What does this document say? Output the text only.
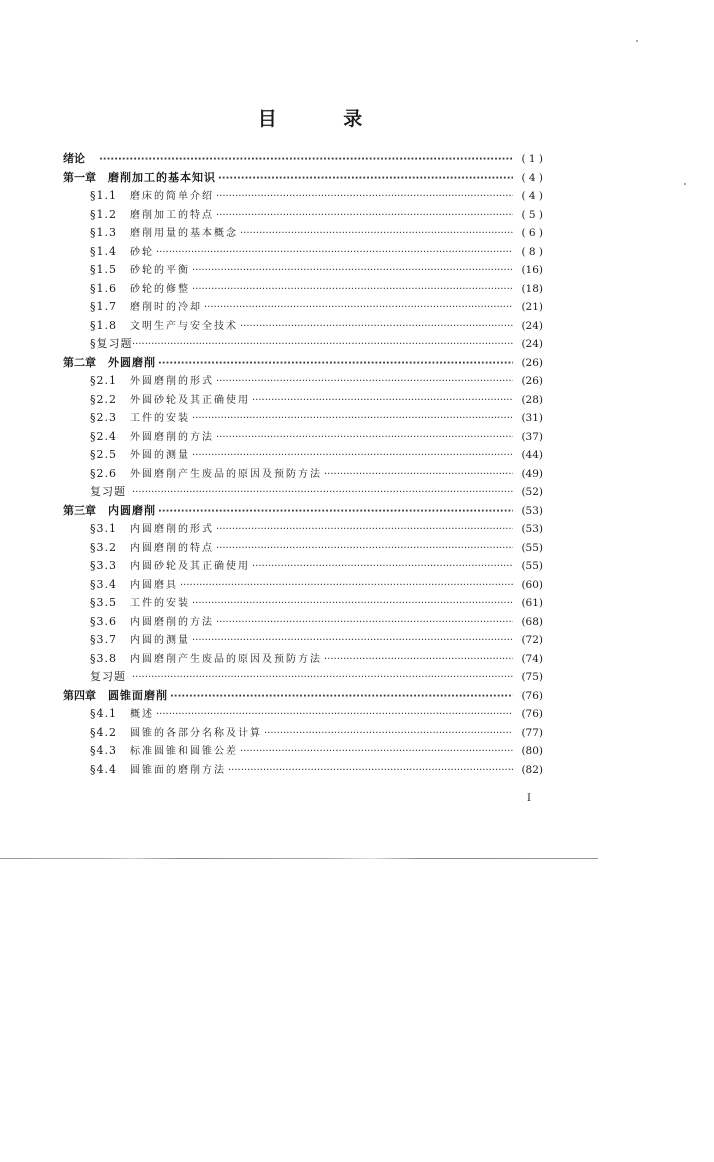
目 录
绪论 ·····	( 1 )
第一章 磨削加工的基本知识 ·····	( 4 )
§1.1	磨床的简单介绍 ·····	( 4 )
§1.2	磨削加工的特点 ·····	( 5 )
§1.3	磨削用量的基本概念 ·····	( 6 )
§1.4	砂轮 ·····	( 8 )
§1.5	砂轮的平衡 ·····	(16)
§1.6	砂轮的修整 ·····	(18)
§1.7	磨削时的冷却 ·····	(21)
§1.8	文明生产与安全技术 ·····	(24)
§复习题 ·····	(24)
第二章 外圆磨削 ·····	(26)
§2.1	外圆磨削的形式 ·····	(26)
§2.2	外圆砂轮及其正确使用 ·····	(28)
§2.3	工件的安装 ·····	(31)
§2.4	外圆磨削的方法 ·····	(37)
§2.5	外圆的测量 ·····	(44)
§2.6	外圆磨削产生废品的原因及预防方法 ·····	(49)
复习题 ·····	(52)
第三章 内圆磨削 ·····	(53)
§3.1	内圆磨削的形式 ·····	(53)
§3.2	内圆磨削的特点 ·····	(55)
§3.3	内圆砂轮及其正确使用 ·····	(55)
§3.4	内圆磨具 ·····	(60)
§3.5	工件的安装 ·····	(61)
§3.6	内圆磨削的方法 ·····	(68)
§3.7	内圆的测量 ·····	(72)
§3.8	内圆磨削产生废品的原因及预防方法 ·····	(74)
复习题 ·····	(75)
第四章 圆锥面磨削 ·····	(76)
§4.1	概述 ·····	(76)
§4.2	圆锥的各部分名称及计算 ·····	(77)
§4.3	标准圆锥和圆锥公差 ·····	(80)
§4.4	圆锥面的磨削方法 ·····	(82)
I
